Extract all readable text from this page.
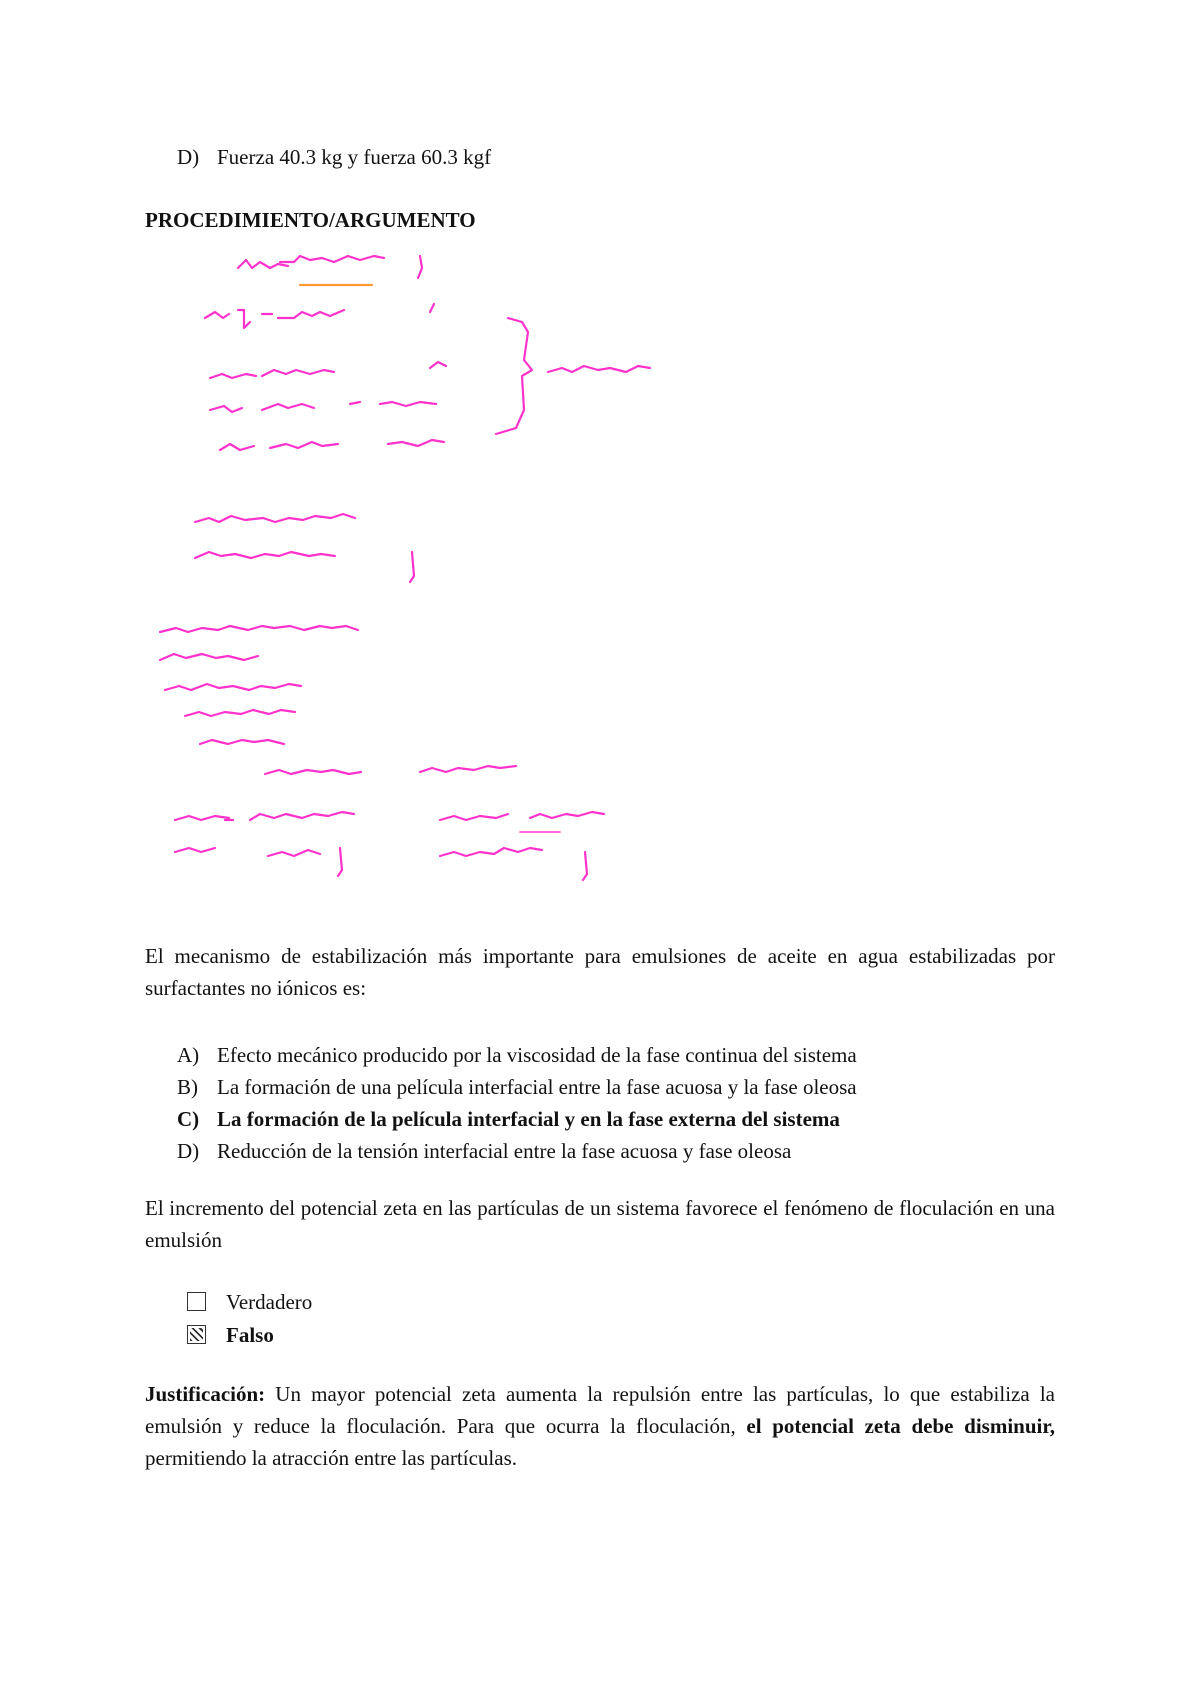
D) Fuerza 40.3 kg y fuerza 60.3 kgf
PROCEDIMIENTO/ARGUMENTO
El mecanismo de estabilización más importante para emulsiones de aceite en agua estabilizadas por surfactantes no iónicos es:
A) Efecto mecánico producido por la viscosidad de la fase continua del sistema
B) La formación de una película interfacial entre la fase acuosa y la fase oleosa
C) La formación de la película interfacial y en la fase externa del sistema
D) Reducción de la tensión interfacial entre la fase acuosa y fase oleosa
El incremento del potencial zeta en las partículas de un sistema favorece el fenómeno de floculación en una emulsión
Verdadero
Falso
Justificación: Un mayor potencial zeta aumenta la repulsión entre las partículas, lo que estabiliza la emulsión y reduce la floculación. Para que ocurra la floculación, el potencial zeta debe disminuir, permitiendo la atracción entre las partículas.
